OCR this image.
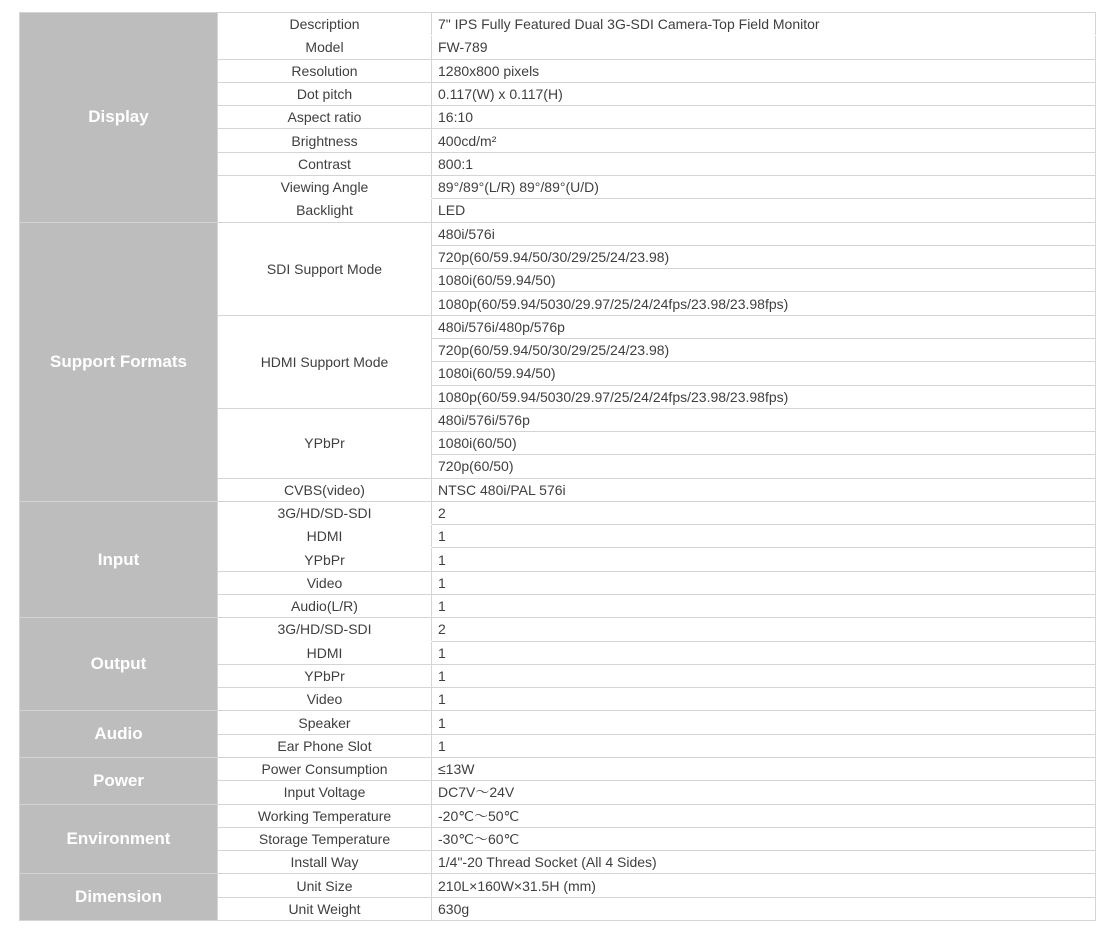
Display	Description	7" IPS Fully Featured Dual 3G-SDI Camera-Top Field Monitor
	Model	FW-789
	Resolution	1280x800 pixels
	Dot pitch	0.117(W) x 0.117(H)
	Aspect ratio	16:10
	Brightness	400cd/m²
	Contrast	800:1
	Viewing Angle	89°/89°(L/R) 89°/89°(U/D)
	Backlight	LED
Support Formats	SDI Support Mode	480i/576i
		720p(60/59.94/50/30/29/25/24/23.98)
		1080i(60/59.94/50)
		1080p(60/59.94/5030/29.97/25/24/24fps/23.98/23.98fps)
	HDMI Support Mode	480i/576i/480p/576p
		720p(60/59.94/50/30/29/25/24/23.98)
		1080i(60/59.94/50)
		1080p(60/59.94/5030/29.97/25/24/24fps/23.98/23.98fps)
	YPbPr	480i/576i/576p
		1080i(60/50)
		720p(60/50)
	CVBS(video)	NTSC 480i/PAL 576i
Input	3G/HD/SD-SDI	2
	HDMI	1
	YPbPr	1
	Video	1
	Audio(L/R)	1
Output	3G/HD/SD-SDI	2
	HDMI	1
	YPbPr	1
	Video	1
Audio	Speaker	1
	Ear Phone Slot	1
Power	Power Consumption	≤13W
	Input Voltage	DC7V～24V
Environment	Working Temperature	-20℃～50℃
	Storage Temperature	-30℃～60℃
	Install Way	1/4"-20 Thread Socket (All 4 Sides)
Dimension	Unit Size	210L×160W×31.5H (mm)
	Unit Weight	630g
